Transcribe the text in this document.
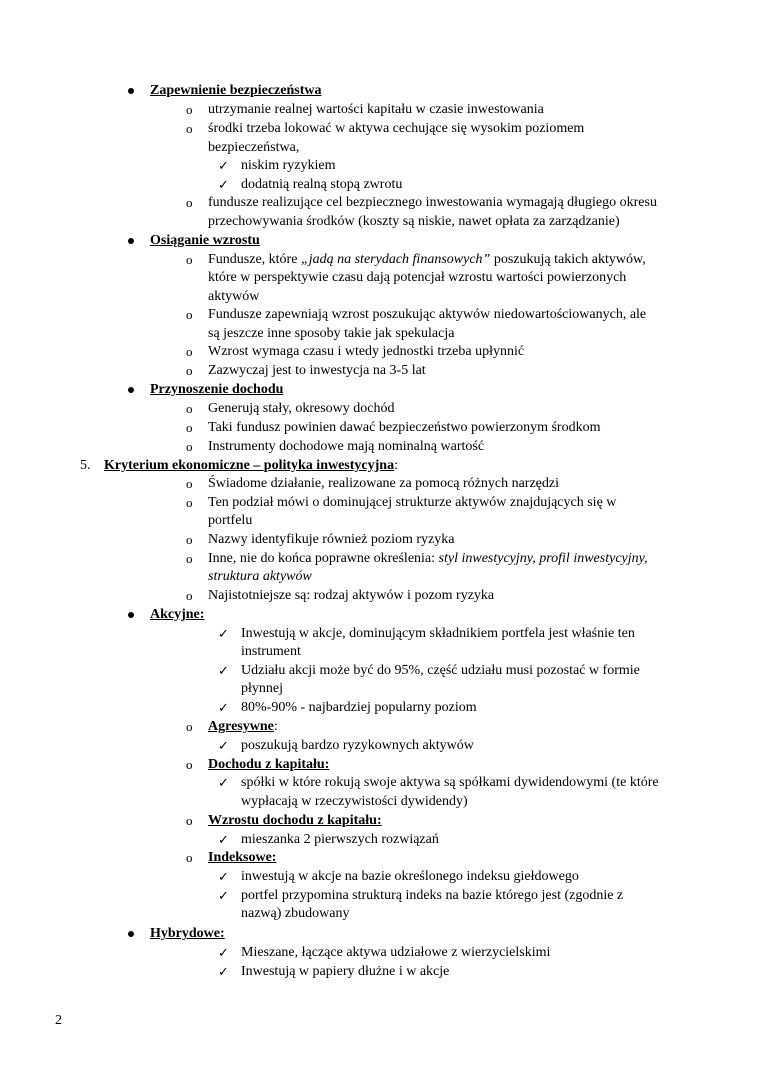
Zapewnienie bezpieczeństwa
o utrzymanie realnej wartości kapitału w czasie inwestowania
o środki trzeba lokować w aktywa cechujące się wysokim poziomem
bezpieczeństwa,
✓ niskim ryzykiem
✓ dodatnią realną stopą zwrotu
o fundusze realizujące cel bezpiecznego inwestowania wymagają długiego okresu
przechowywania środków (koszty są niskie, nawet opłata za zarządzanie)
Osiąganie wzrostu
o Fundusze, które „jadą na sterydach finansowych” poszukują takich aktywów,
które w perspektywie czasu dają potencjał wzrostu wartości powierzonych
aktywów
o Fundusze zapewniają wzrost poszukując aktywów niedowartościowanych, ale
są jeszcze inne sposoby takie jak spekulacja
o Wzrost wymaga czasu i wtedy jednostki trzeba upłynnić
o Zazwyczaj jest to inwestycja na 3-5 lat
Przynoszenie dochodu
o Generują stały, okresowy dochód
o Taki fundusz powinien dawać bezpieczeństwo powierzonym środkom
o Instrumenty dochodowe mają nominalną wartość
5. Kryterium ekonomiczne – polityka inwestycyjna:
o Świadome działanie, realizowane za pomocą różnych narzędzi
o Ten podział mówi o dominującej strukturze aktywów znajdujących się w
portfelu
o Nazwy identyfikuje również poziom ryzyka
o Inne, nie do końca poprawne określenia: styl inwestycyjny, profil inwestycyjny,
struktura aktywów
o Najistotniejsze są: rodzaj aktywów i pozom ryzyka
Akcyjne:
✓ Inwestują w akcje, dominującym składnikiem portfela jest właśnie ten
instrument
✓ Udziału akcji może być do 95%, część udziału musi pozostać w formie
płynnej
✓ 80%-90% - najbardziej popularny poziom
o Agresywne:
✓ poszukują bardzo ryzykownych aktywów
o Dochodu z kapitału:
✓ spółki w które rokują swoje aktywa są spółkami dywidendowymi (te które
wypłacają w rzeczywistości dywidendy)
o Wzrostu dochodu z kapitału:
✓ mieszanka 2 pierwszych rozwiązań
o Indeksowe:
✓ inwestują w akcje na bazie określonego indeksu giełdowego
✓ portfel przypomina strukturą indeks na bazie którego jest (zgodnie z
nazwą) zbudowany
Hybrydowe:
✓ Mieszane, łączące aktywa udziałowe z wierzycielskimi
✓ Inwestują w papiery dłużne i w akcje
2
